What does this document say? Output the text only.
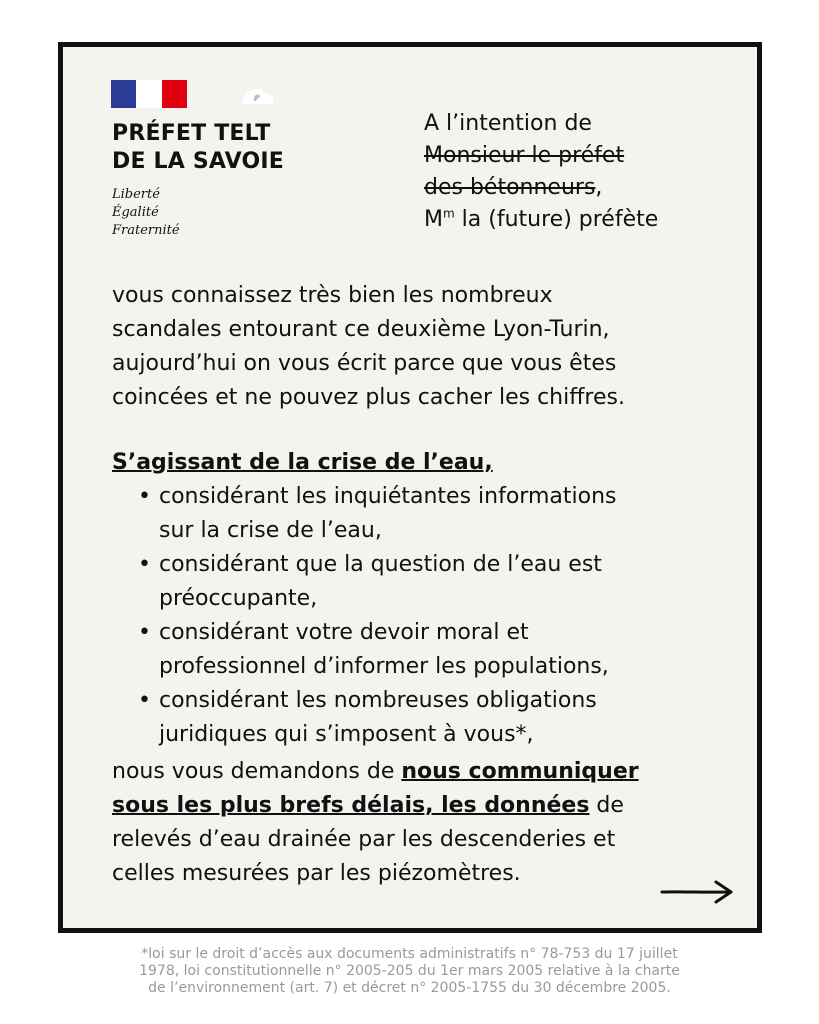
PRÉFET TELT
DE LA SAVOIE
Liberté
Égalité
Fraternité
A l’intention de
Monsieur le préfet
des bétonneurs,
$M^m$ la (future) préfète
vous connaissez très bien les nombreux
scandales entourant ce deuxième Lyon-Turin,
aujourd’hui on vous écrit parce que vous êtes
coincées et ne pouvez plus cacher les chiffres.
S’agissant de la crise de l’eau,
• considérant les inquiétantes informations
sur la crise de l’eau,
• considérant que la question de l’eau est
préoccupante,
• considérant votre devoir moral et
professionnel d’informer les populations,
• considérant les nombreuses obligations
juridiques qui s’imposent à vous*,
nous vous demandons de nous communiquer
sous les plus brefs délais, les données de
relevés d’eau drainée par les descenderies et
celles mesurées par les piézomètres.
*loi sur le droit d’accès aux documents administratifs n° 78-753 du 17 juillet
1978, loi constitutionnelle n° 2005-205 du 1er mars 2005 relative à la charte
de l’environnement (art. 7) et décret n° 2005-1755 du 30 décembre 2005.
